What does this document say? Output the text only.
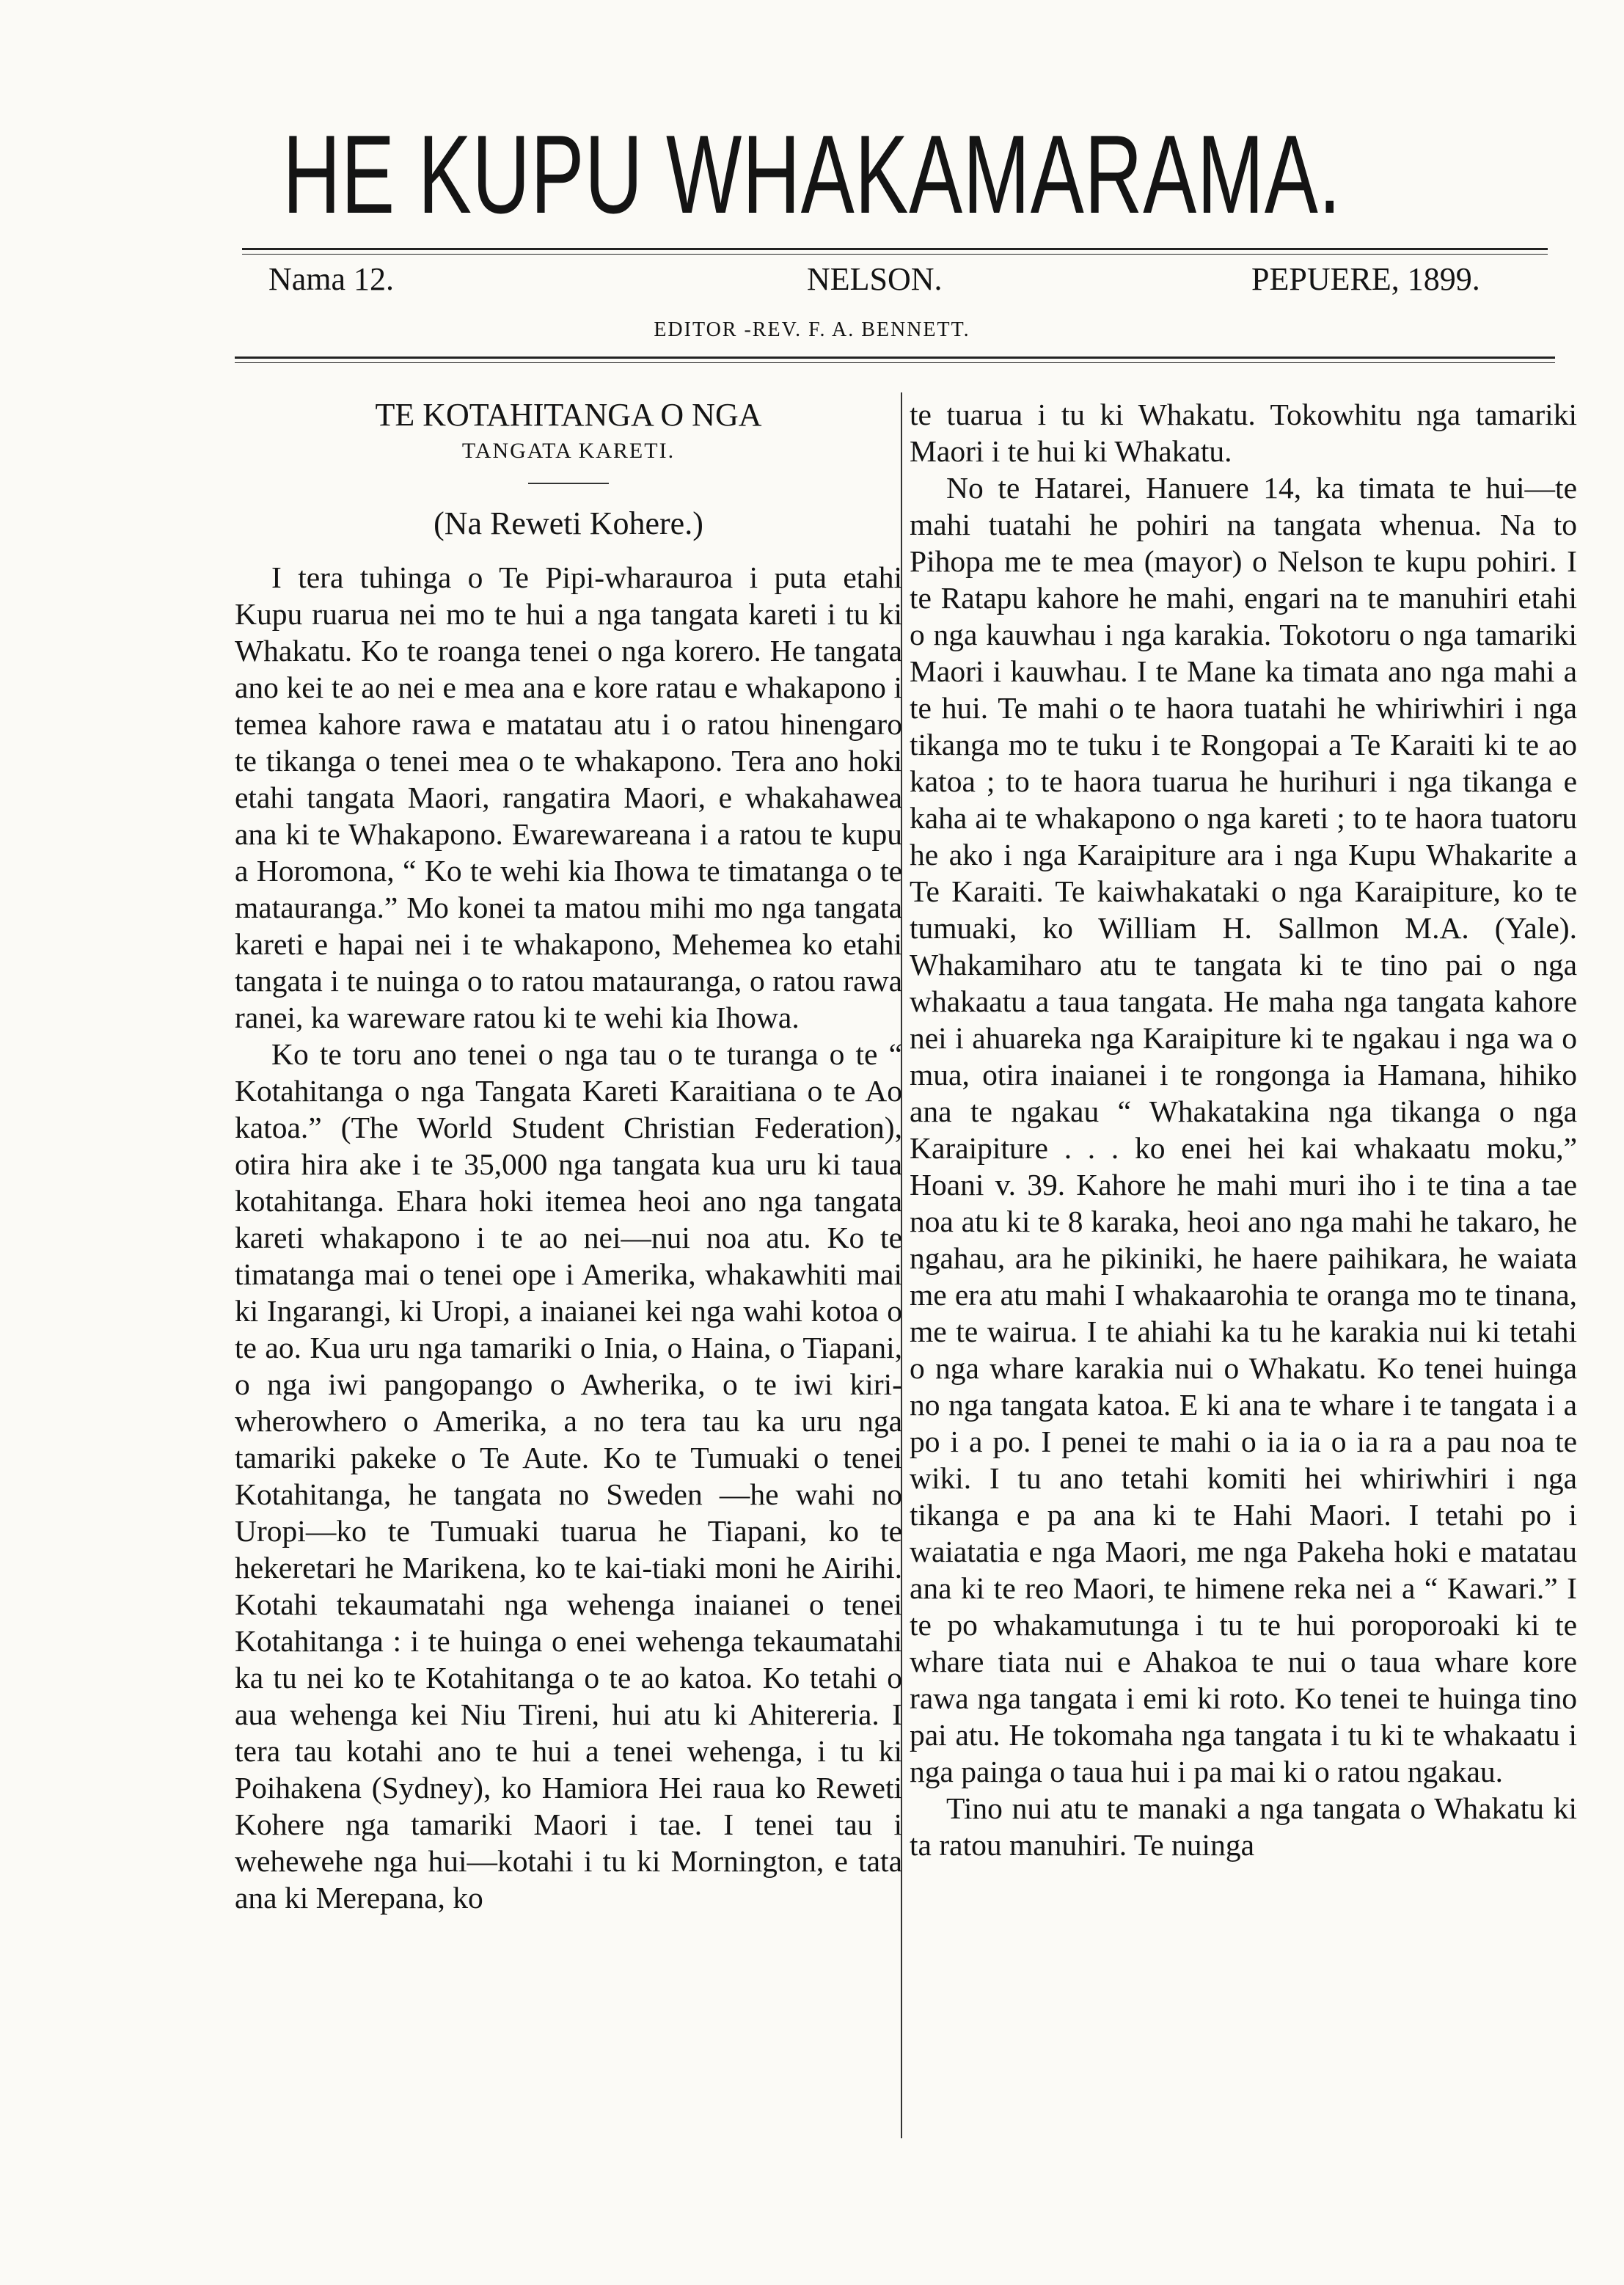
HE KUPU WHAKAMARAMA.
Nama 12.	NELSON.	PEPUERE, 1899.
EDITOR -REV. F. A. BENNETT.

TE KOTAHITANGA O NGA

TANGATA KARETI.

(Na Reweti Kohere.)

I tera tuhinga o Te Pipi-wharauroa i puta etahi Kupu ruarua nei mo te hui a nga tangata kareti i tu ki Whakatu. Ko te roanga tenei o nga korero. He tangata ano kei te ao nei e mea ana e kore ratau e whakapono i temea kahore rawa e matatau atu i o ratou hinengaro te tikanga o tenei mea o te whakapono. Tera ano hoki etahi tangata Maori, rangatira Maori, e whakahawea ana ki te Whakapono. Ewarewareana i a ratou te kupu a Horomona, “ Ko te wehi kia Ihowa te timatanga o te matauranga.” Mo konei ta matou mihi mo nga tangata kareti e hapai nei i te whakapono, Mehemea ko etahi tangata i te nuinga o to ratou matauranga, o ratou rawa ranei, ka wareware ratou ki te wehi kia Ihowa.

Ko te toru ano tenei o nga tau o te turanga o te “ Kotahitanga o nga Tangata Kareti Karaitiana o te Ao katoa.” (The World Student Christian Federation), otira hira ake i te 35,000 nga tangata kua uru ki taua kotahitanga. Ehara hoki itemea heoi ano nga tangata kareti whakapono i te ao nei—nui noa atu. Ko te timatanga mai o tenei ope i Amerika, whakawhiti mai ki Ingarangi, ki Uropi, a inaianei kei nga wahi kotoa o te ao. Kua uru nga tamariki o Inia, o Haina, o Tiapani, o nga iwi pangopango o Awherika, o te iwi kiri-wherowhero o Amerika, a no tera tau ka uru nga tamariki pakeke o Te Aute. Ko te Tumuaki o tenei Kotahitanga, he tangata no Sweden —he wahi no Uropi—ko te Tumuaki tuarua he Tiapani, ko te hekeretari he Marikena, ko te kai-tiaki moni he Airihi. Kotahi tekaumatahi nga wehenga inaianei o tenei Kotahitanga : i te huinga o enei wehenga tekaumatahi ka tu nei ko te Kotahitanga o te ao katoa. Ko tetahi o aua wehenga kei Niu Tireni, hui atu ki Ahitereria. I tera tau kotahi ano te hui a tenei wehenga, i tu ki Poihakena (Sydney), ko Hamiora Hei raua ko Reweti Kohere nga tamariki Maori i tae. I tenei tau i wehewehe nga hui—kotahi i tu ki Mornington, e tata ana ki Merepana, ko

te tuarua i tu ki Whakatu. Tokowhitu nga tamariki Maori i te hui ki Whakatu.

No te Hatarei, Hanuere 14, ka timata te hui—te mahi tuatahi he pohiri na tangata whenua. Na to Pihopa me te mea (mayor) o Nelson te kupu pohiri. I te Ratapu kahore he mahi, engari na te manuhiri etahi o nga kauwhau i nga karakia. Tokotoru o nga tamariki Maori i kauwhau. I te Mane ka timata ano nga mahi a te hui. Te mahi o te haora tuatahi he whiriwhiri i nga tikanga mo te tuku i te Rongopai a Te Karaiti ki te ao katoa ; to te haora tuarua he hurihuri i nga tikanga e kaha ai te whakapono o nga kareti ; to te haora tuatoru he ako i nga Karaipiture ara i nga Kupu Whakarite a Te Karaiti. Te kaiwhakataki o nga Karaipiture, ko te tumuaki, ko William H. Sallmon M.A. (Yale). Whakamiharo atu te tangata ki te tino pai o nga whakaatu a taua tangata. He maha nga tangata kahore nei i ahuareka nga Karaipiture ki te ngakau i nga wa o mua, otira inaianei i te rongonga ia Hamana, hihiko ana te ngakau “ Whakatakina nga tikanga o nga Karaipiture . . . ko enei hei kai whakaatu moku,” Hoani v. 39. Kahore he mahi muri iho i te tina a tae noa atu ki te 8 karaka, heoi ano nga mahi he takaro, he ngahau, ara he pikiniki, he haere paihikara, he waiata me era atu mahi I whakaarohia te oranga mo te tinana, me te wairua. I te ahiahi ka tu he karakia nui ki tetahi o nga whare karakia nui o Whakatu. Ko tenei huinga no nga tangata katoa. E ki ana te whare i te tangata i a po i a po. I penei te mahi o ia ia o ia ra a pau noa te wiki. I tu ano tetahi komiti hei whiriwhiri i nga tikanga e pa ana ki te Hahi Maori. I tetahi po i waiatatia e nga Maori, me nga Pakeha hoki e matatau ana ki te reo Maori, te himene reka nei a “ Kawari.” I te po whakamutunga i tu te hui poroporoaki ki te whare tiata nui e Ahakoa te nui o taua whare kore rawa nga tangata i emi ki roto. Ko tenei te huinga tino pai atu. He tokomaha nga tangata i tu ki te whakaatu i nga painga o taua hui i pa mai ki o ratou ngakau.

Tino nui atu te manaki a nga tangata o Whakatu ki ta ratou manuhiri. Te nuinga
